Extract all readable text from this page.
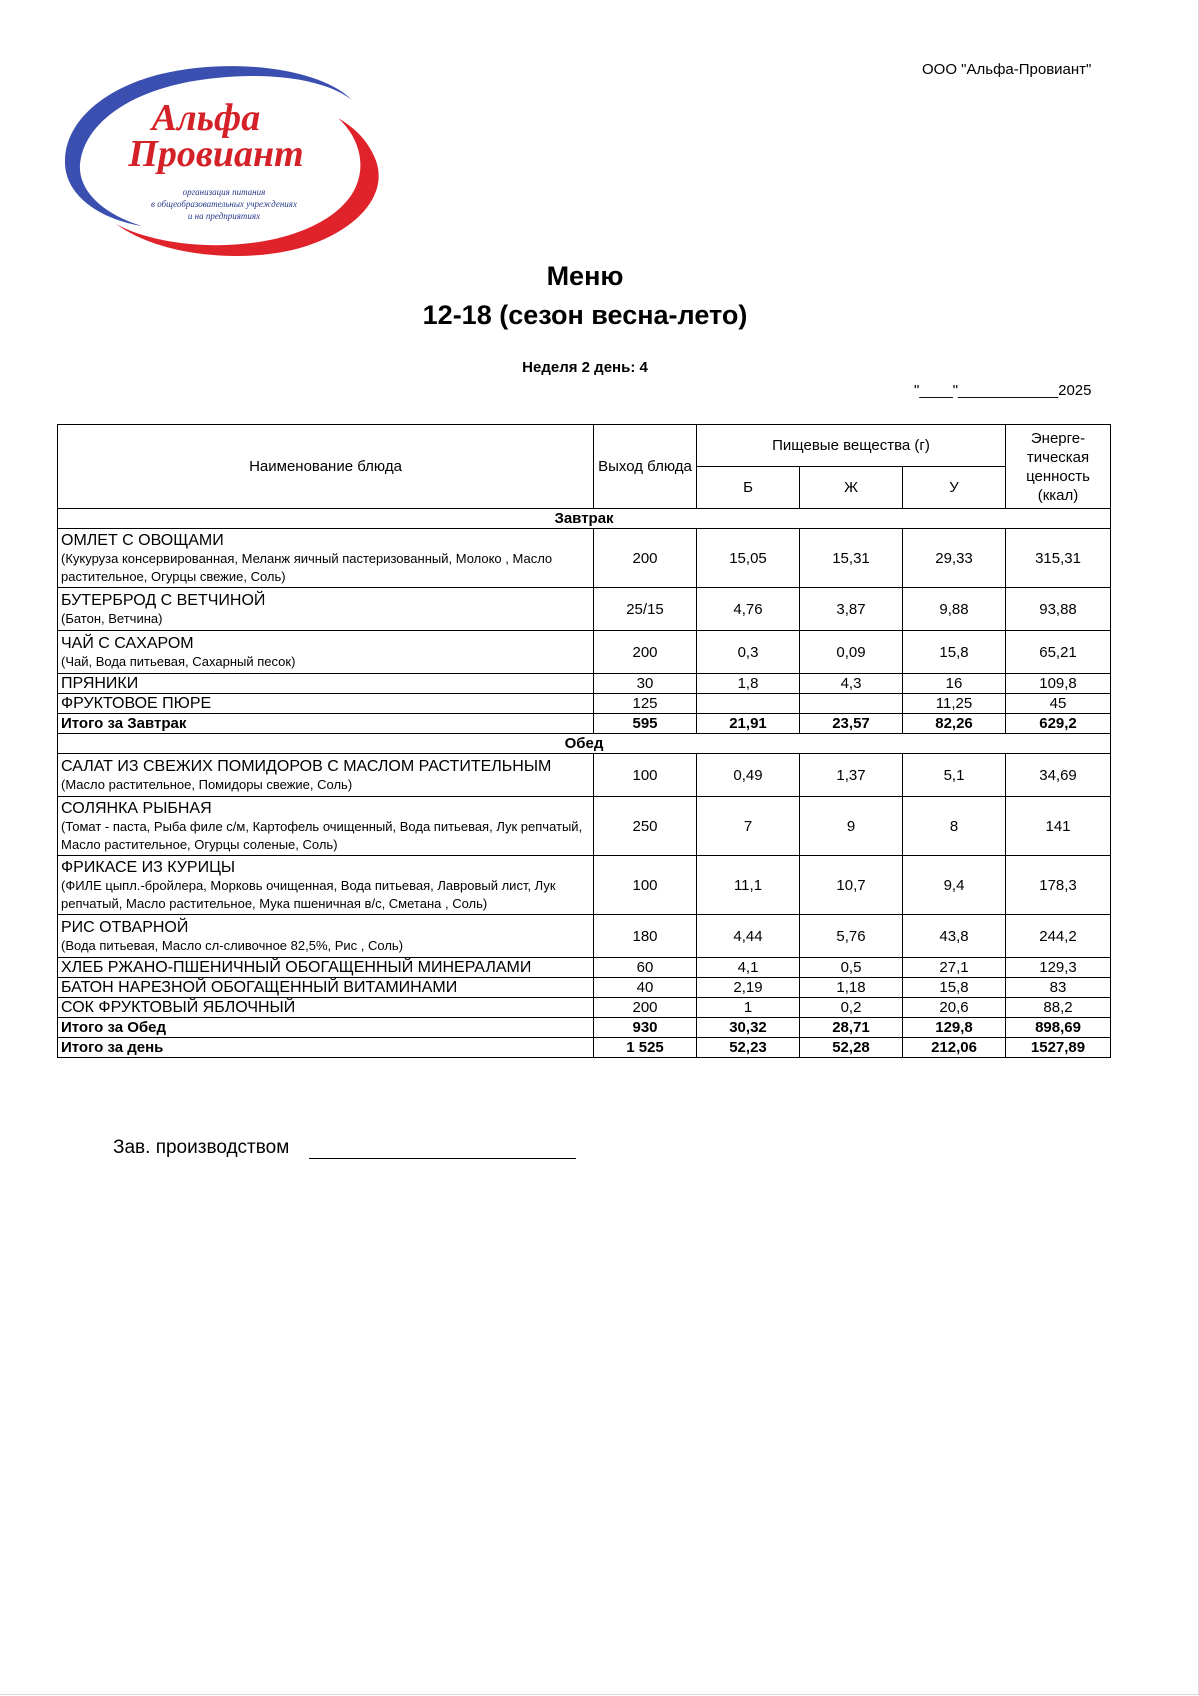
ООО "Альфа-Провиант"
Альфа
Провиант
организация питания
в общеобразовательных учреждениях
и на предприятиях
Меню
12-18 (сезон весна-лето)
Неделя 2 день: 4
"____"____________2025
Наименование блюда	Выход блюда	Пищевые вещества (г)			Энерге-тическая ценность (ккал)
		Б	Ж	У	
Завтрак					

ОМЛЕТ С ОВОЩАМИ
(Кукуруза консервированная, Меланж яичный пастеризованный, Молоко , Масло растительное, Огурцы свежие, Соль)	200	15,05	15,31	29,33	315,31

БУТЕРБРОД С ВЕТЧИНОЙ
(Батон, Ветчина)	25/15	4,76	3,87	9,88	93,88

ЧАЙ С САХАРОМ
(Чай, Вода питьевая, Сахарный песок)	200	0,3	0,09	15,8	65,21

ПРЯНИКИ	30	1,8	4,3	16	109,8

ФРУКТОВОЕ ПЮРЕ	125			11,25	45
Итого за Завтрак	595	21,91	23,57	82,26	629,2
Обед					

САЛАТ ИЗ СВЕЖИХ ПОМИДОРОВ С МАСЛОМ РАСТИТЕЛЬНЫМ
(Масло растительное, Помидоры свежие, Соль)	100	0,49	1,37	5,1	34,69

СОЛЯНКА РЫБНАЯ
(Томат - паста, Рыба филе с/м, Картофель очищенный, Вода питьевая, Лук репчатый, Масло растительное, Огурцы соленые, Соль)	250	7	9	8	141

ФРИКАСЕ ИЗ КУРИЦЫ
(ФИЛЕ цыпл.-бройлера, Морковь очищенная, Вода питьевая, Лавровый лист, Лук репчатый, Масло растительное, Мука пшеничная в/с, Сметана , Соль)	100	11,1	10,7	9,4	178,3

РИС ОТВАРНОЙ
(Вода питьевая, Масло сл-сливочное 82,5%, Рис , Соль)	180	4,44	5,76	43,8	244,2

ХЛЕБ РЖАНО-ПШЕНИЧНЫЙ ОБОГАЩЕННЫЙ МИНЕРАЛАМИ	60	4,1	0,5	27,1	129,3

БАТОН НАРЕЗНОЙ ОБОГАЩЕННЫЙ ВИТАМИНАМИ	40	2,19	1,18	15,8	83

СОК ФРУКТОВЫЙ ЯБЛОЧНЫЙ	200	1	0,2	20,6	88,2
Итого за Обед	930	30,32	28,71	129,8	898,69
Итого за день	1 525	52,23	52,28	212,06	1527,89
Зав. производством
